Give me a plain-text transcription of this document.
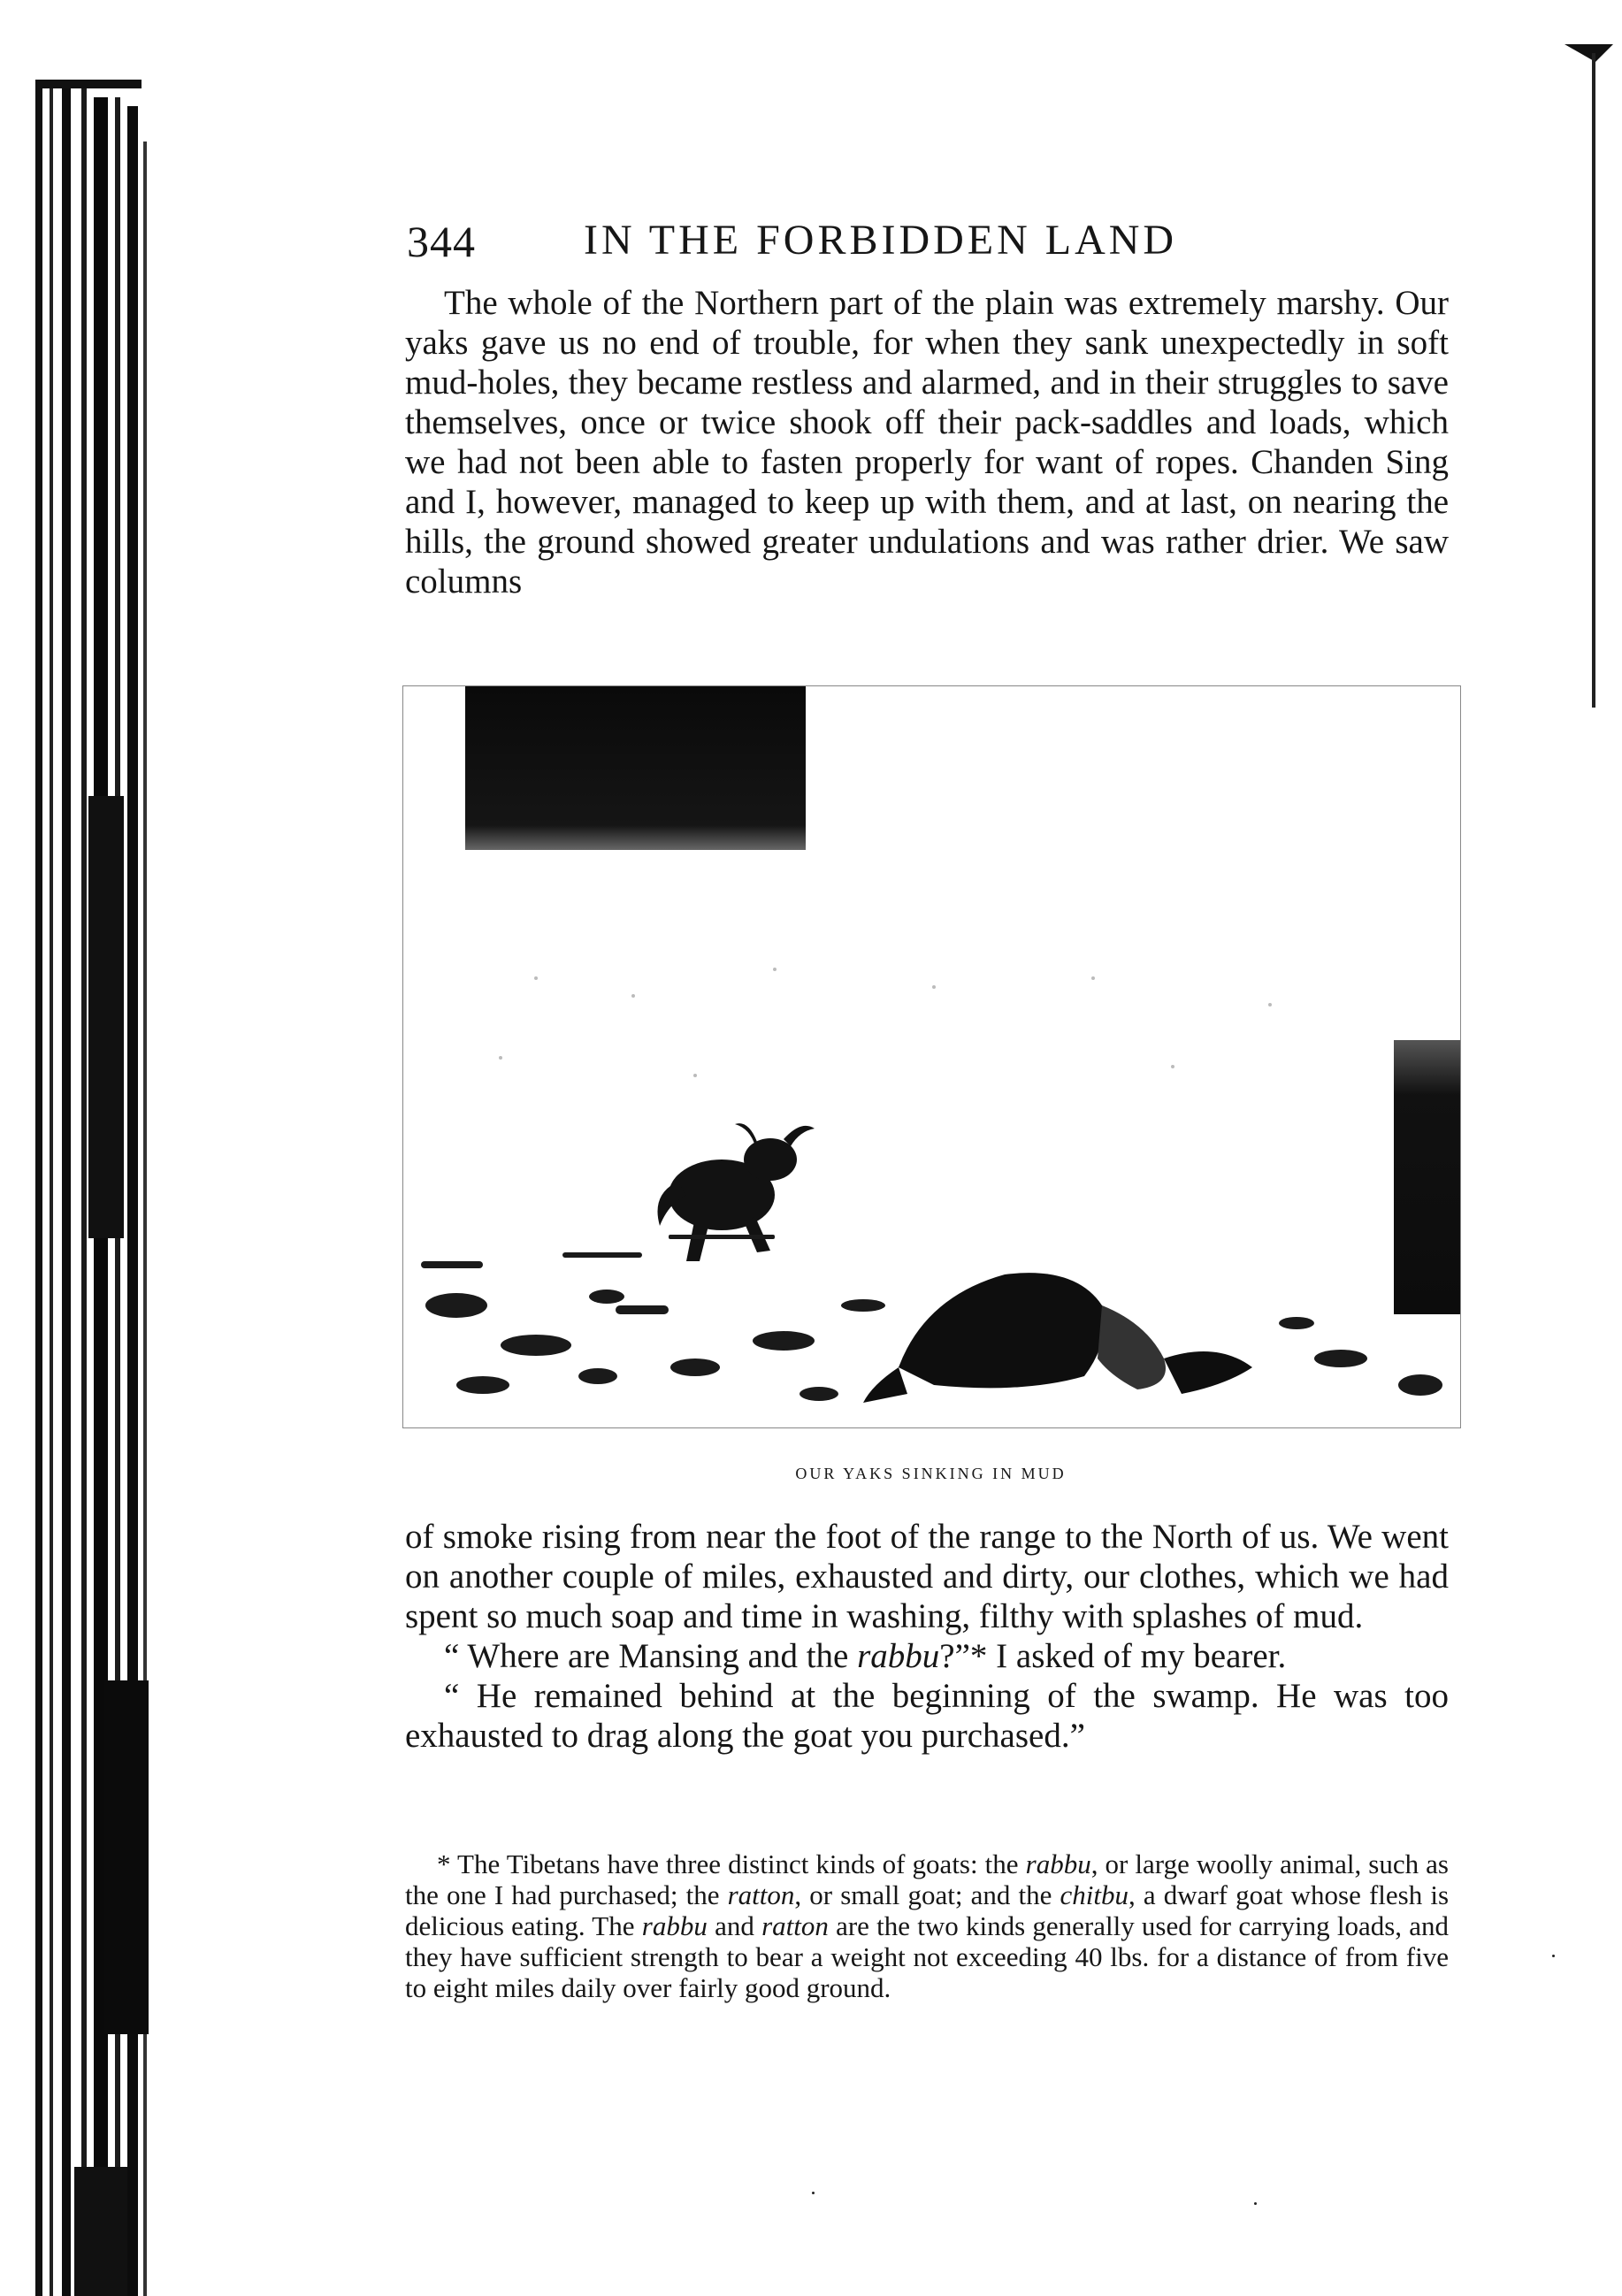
344	IN THE FORBIDDEN LAND

The whole of the Northern part of the plain was extremely marshy. Our yaks gave us no end of trouble, for when they sank unexpectedly in soft mud-holes, they became restless and alarmed, and in their struggles to save themselves, once or twice shook off their pack-saddles and loads, which we had not been able to fasten properly for want of ropes. Chanden Sing and I, however, managed to keep up with them, and at last, on nearing the hills, the ground showed greater undulations and was rather drier. We saw columns

OUR YAKS SINKING IN MUD

of smoke rising from near the foot of the range to the North of us. We went on another couple of miles, exhausted and dirty, our clothes, which we had spent so much soap and time in washing, filthy with splashes of mud.

“ Where are Mansing and the rabbu?”* I asked of my bearer.

“ He remained behind at the beginning of the swamp. He was too exhausted to drag along the goat you purchased.”

* The Tibetans have three distinct kinds of goats: the rabbu, or large woolly animal, such as the one I had purchased; the ratton, or small goat; and the chitbu, a dwarf goat whose flesh is delicious eating. The rabbu and ratton are the two kinds generally used for carrying loads, and they have sufficient strength to bear a weight not exceeding 40 lbs. for a distance of from five to eight miles daily over fairly good ground.
